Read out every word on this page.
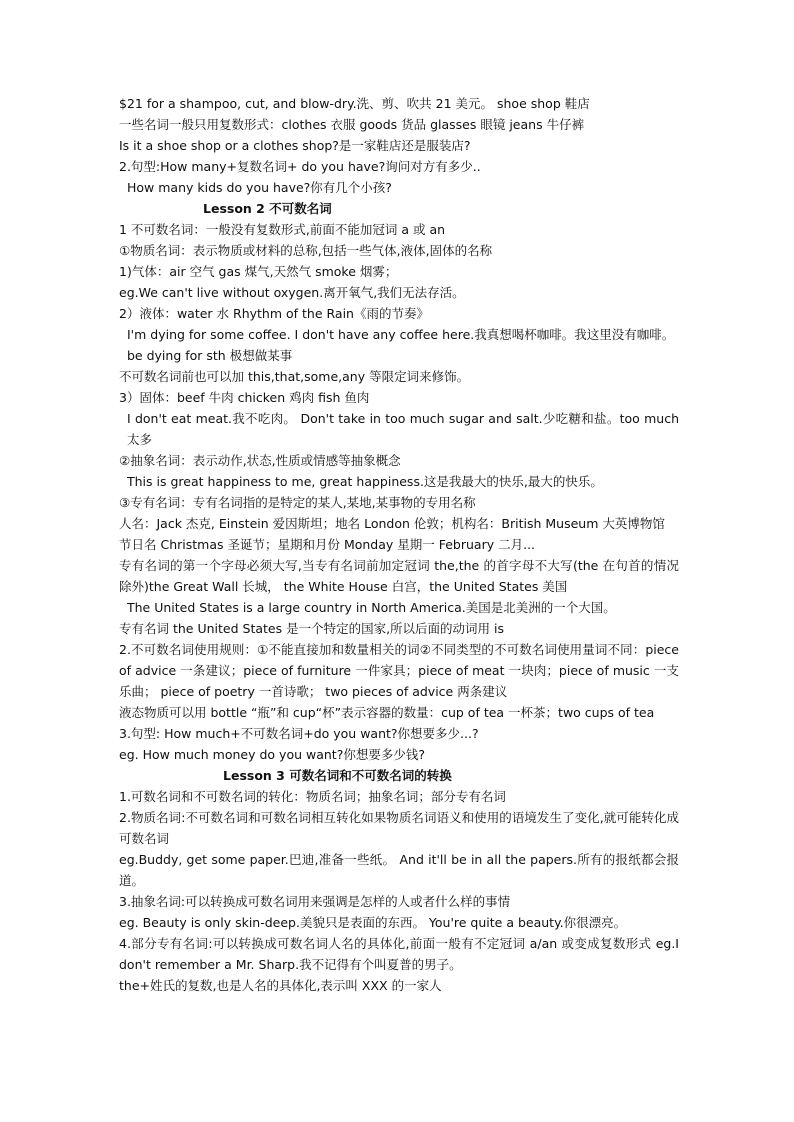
$21 for a shampoo, cut, and blow-dry.洗、剪、吹共 21 美元。 shoe shop 鞋店
一些名词一般只用复数形式：clothes 衣服 goods 货品 glasses 眼镜 jeans 牛仔裤
Is it a shoe shop or a clothes shop?是一家鞋店还是服装店?
2.句型:How many+复数名词+ do you have?询问对方有多少..
How many kids do you have?你有几个小孩?
Lesson 2 不可数名词
1 不可数名词：一般没有复数形式,前面不能加冠词 a 或 an
①物质名词：表示物质或材料的总称,包括一些气体,液体,固体的名称
1)气体：air 空气 gas 煤气,天然气 smoke 烟雾；
eg.We can't live without oxygen.离开氧气,我们无法存活。
2）液体：water 水 Rhythm of the Rain《雨的节奏》
I'm dying for some coffee. I don't have any coffee here.我真想喝杯咖啡。我这里没有咖啡。
be dying for sth 极想做某事
不可数名词前也可以加 this,that,some,any 等限定词来修饰。
3）固体：beef 牛肉 chicken 鸡肉 fish 鱼肉
I don't eat meat.我不吃肉。 Don't take in too much sugar and salt.少吃糖和盐。too much 太多
②抽象名词：表示动作,状态,性质或情感等抽象概念
This is great happiness to me, great happiness.这是我最大的快乐,最大的快乐。
③专有名词：专有名词指的是特定的某人,某地,某事物的专用名称
人名：Jack 杰克, Einstein 爱因斯坦；地名 London 伦敦；机构名：British Museum 大英博物馆
节日名 Christmas 圣诞节；星期和月份 Monday 星期一 February 二月...
专有名词的第一个字母必须大写,当专有名词前加定冠词 the,the 的首字母不大写(the 在句首的情况除外)the Great Wall 长城， the White House 白宫，the United States 美国
The United States is a large country in North America.美国是北美洲的一个大国。
专有名词 the United States 是一个特定的国家,所以后面的动词用 is
2.不可数名词使用规则：①不能直接加和数量相关的词②不同类型的不可数名词使用量词不同：piece of advice 一条建议；piece of furniture 一件家具；piece of meat 一块肉；piece of music 一支乐曲； piece of poetry 一首诗歌； two pieces of advice 两条建议
液态物质可以用 bottle “瓶”和 cup“杯”表示容器的数量：cup of tea 一杯茶；two cups of tea
3.句型: How much+不可数名词+do you want?你想要多少...?
eg. How much money do you want?你想要多少钱?
Lesson 3 可数名词和不可数名词的转换
1.可数名词和不可数名词的转化：物质名词；抽象名词；部分专有名词
2.物质名词:不可数名词和可数名词相互转化如果物质名词语义和使用的语境发生了变化,就可能转化成可数名词
eg.Buddy, get some paper.巴迪,准备一些纸。 And it'll be in all the papers.所有的报纸都会报道。
3.抽象名词:可以转换成可数名词用来强调是怎样的人或者什么样的事情
eg. Beauty is only skin-deep.美貌只是表面的东西。 You're quite a beauty.你很漂亮。
4.部分专有名词:可以转换成可数名词人名的具体化,前面一般有不定冠词 a/an 或变成复数形式 eg.I don't remember a Mr. Sharp.我不记得有个叫夏普的男子。
the+姓氏的复数,也是人名的具体化,表示叫 XXX 的一家人
